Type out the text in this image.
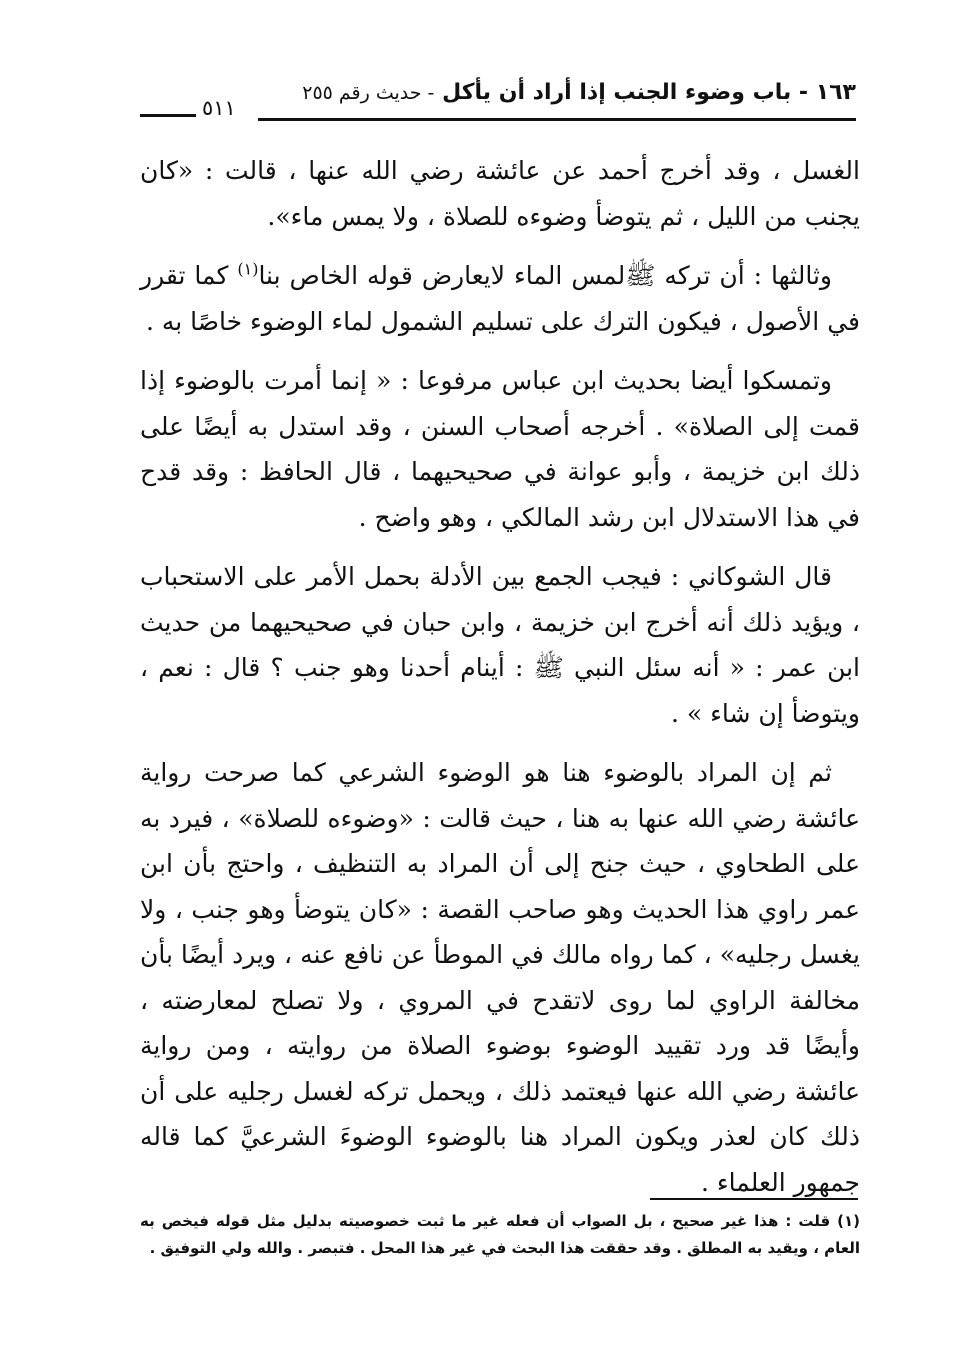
١٦٣ - باب وضوء الجنب إذا أراد أن يأكل - حديث رقم ٢٥٥
٥١١

الغسل ، وقد أخرج أحمد عن عائشة رضي الله عنها ، قالت : «كان يجنب من الليل ، ثم يتوضأ وضوءه للصلاة ، ولا يمس ماء».

وثالثها : أن تركه ﷺلمس الماء لايعارض قوله الخاص بنا$^{(١)}$ كما تقرر في الأصول ، فيكون الترك على تسليم الشمول لماء الوضوء خاصًا به .

وتمسكوا أيضا بحديث ابن عباس مرفوعا : « إنما أمرت بالوضوء إذا قمت إلى الصلاة» . أخرجه أصحاب السنن ، وقد استدل به أيضًا على ذلك ابن خزيمة ، وأبو عوانة في صحيحيهما ، قال الحافظ : وقد قدح في هذا الاستدلال ابن رشد المالكي ، وهو واضح .

قال الشوكاني : فيجب الجمع بين الأدلة بحمل الأمر على الاستحباب ، ويؤيد ذلك أنه أخرج ابن خزيمة ، وابن حبان في صحيحيهما من حديث ابن عمر : « أنه سئل النبي ﷺ : أينام أحدنا وهو جنب ؟ قال : نعم ، ويتوضأ إن شاء » .

ثم إن المراد بالوضوء هنا هو الوضوء الشرعي كما صرحت رواية عائشة رضي الله عنها به هنا ، حيث قالت : «وضوءه للصلاة» ، فيرد به على الطحاوي ، حيث جنح إلى أن المراد به التنظيف ، واحتج بأن ابن عمر راوي هذا الحديث وهو صاحب القصة : «كان يتوضأ وهو جنب ، ولا يغسل رجليه» ، كما رواه مالك في الموطأ عن نافع عنه ، ويرد أيضًا بأن مخالفة الراوي لما روى لاتقدح في المروي ، ولا تصلح لمعارضته ، وأيضًا قد ورد تقييد الوضوء بوضوء الصلاة من روايته ، ومن رواية عائشة رضي الله عنها فيعتمد ذلك ، ويحمل تركه لغسل رجليه على أن ذلك كان لعذر ويكون المراد هنا بالوضوء الوضوءَ الشرعيَّ كما قاله جمهور العلماء .

(١) قلت : هذا غير صحيح ، بل الصواب أن فعله غير ما ثبت خصوصيته بدليل مثل قوله فيخص به العام ، ويقيد به المطلق . وقد حققت هذا البحث في غير هذا المحل . فتبصر . والله ولي التوفيق .
